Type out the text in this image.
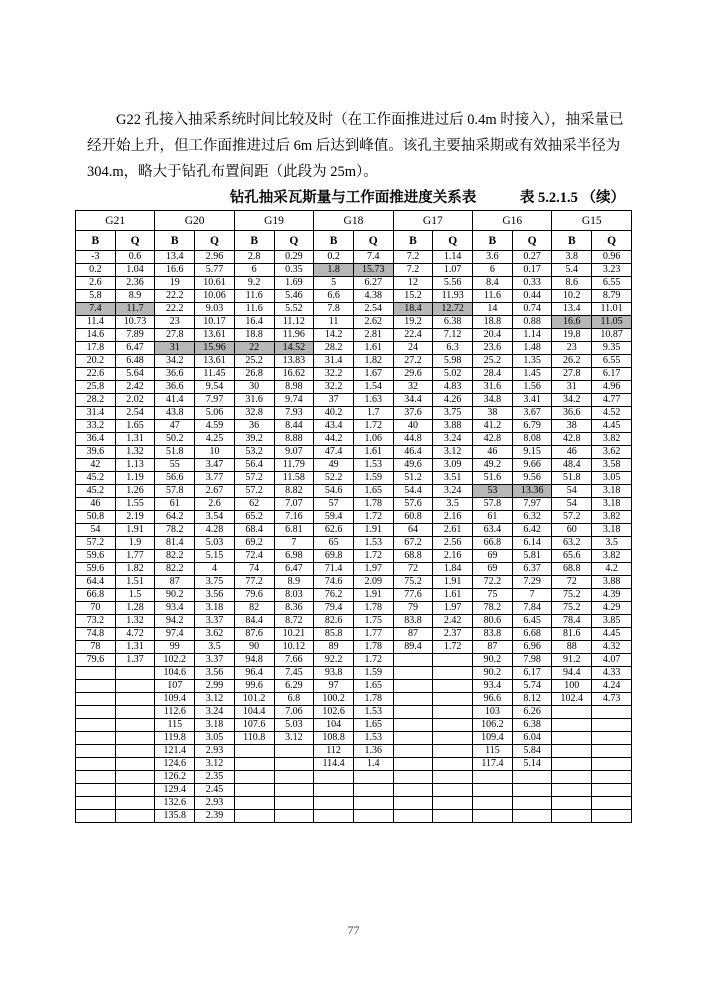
G22 孔接入抽采系统时间比较及时（在工作面推进过后 0.4m 时接入），抽采量已
经开始上升，但工作面推进过后 6m 后达到峰值。该孔主要抽采期或有效抽采半径为
304.m，略大于钻孔布置间距（此段为 25m）。
钻孔抽采瓦斯量与工作面推进度关系表	表 5.2.1.5 （续）
G21		G20		G19		G18		G17		G16		G15	
B	Q	B	Q	B	Q	B	Q	B	Q	B	Q	B	Q
-3	0.6	13.4	2.96	2.8	0.29	0.2	7.4	7.2	1.14	3.6	0.27	3.8	0.96
0.2	1.04	16.6	5.77	6	0.35	1.8	15.73	7.2	1.07	6	0.17	5.4	3.23
2.6	2.36	19	10.61	9.2	1.69	5	6.27	12	5.56	8.4	0.33	8.6	6.55
5.8	8.9	22.2	10.06	11.6	5.46	6.6	4.38	15.2	11.93	11.6	0.44	10.2	8.79
7.4	11.7	22.2	9.03	11.6	5.52	7.8	2.54	18.4	12.72	14	0.74	13.4	11.01
11.4	10.73	23	10.17	16.4	11.12	11	2.62	19.2	6.38	18.8	0.88	16.6	11.05
14.6	7.89	27.8	13.61	18.8	11.96	14.2	2.81	22.4	7.12	20.4	1.14	19.8	10.87
17.8	6.47	31	15.96	22	14.52	28.2	1.61	24	6.3	23.6	1.48	23	9.35
20.2	6.48	34.2	13.61	25.2	13.83	31.4	1.82	27.2	5.98	25.2	1.35	26.2	6.55
22.6	5.64	36.6	11.45	26.8	16.62	32.2	1.67	29.6	5.02	28.4	1.45	27.8	6.17
25.8	2.42	36.6	9.54	30	8.98	32.2	1.54	32	4.83	31.6	1.56	31	4.96
28.2	2.02	41.4	7.97	31.6	9.74	37	1.63	34.4	4.26	34.8	3.41	34.2	4.77
31.4	2.54	43.8	5.06	32.8	7.93	40.2	1.7	37.6	3.75	38	3.67	36.6	4.52
33.2	1.65	47	4.59	36	8.44	43.4	1.72	40	3.88	41.2	6.79	38	4.45
36.4	1.31	50.2	4.25	39.2	8.88	44.2	1.06	44.8	3.24	42.8	8.08	42.8	3.82
39.6	1.32	51.8	10	53.2	9.07	47.4	1.61	46.4	3.12	46	9.15	46	3.62
42	1.13	55	3.47	56.4	11.79	49	1.53	49.6	3.09	49.2	9.66	48.4	3.58
45.2	1.19	56.6	3.77	57.2	11.58	52.2	1.59	51.2	3.51	51.6	9.56	51.8	3.05
45.2	1.26	57.8	2.67	57.2	8.82	54.6	1.65	54.4	3.24	53	13.36	54	3.18
46	1.55	61	2.6	62	7.07	57	1.78	57.6	3.5	57.8	7.97	54	3.18
50.8	2.19	64.2	3.54	65.2	7.16	59.4	1.72	60.8	2.16	61	6.32	57.2	3.82
54	1.91	78.2	4.28	68.4	6.81	62.6	1.91	64	2.61	63.4	6.42	60	3.18
57.2	1.9	81.4	5.03	69.2	7	65	1.53	67.2	2.56	66.8	6.14	63.2	3.5
59.6	1.77	82.2	5.15	72.4	6.98	69.8	1.72	68.8	2.16	69	5.81	65.6	3.82
59.6	1.82	82.2	4	74	6.47	71.4	1.97	72	1.84	69	6.37	68.8	4.2
64.4	1.51	87	3.75	77.2	8.9	74.6	2.09	75.2	1.91	72.2	7.29	72	3.88
66.8	1.5	90.2	3.56	79.6	8.03	76.2	1.91	77.6	1.61	75	7	75.2	4.39
70	1.28	93.4	3.18	82	8.36	79.4	1.78	79	1.97	78.2	7.84	75.2	4.29
73.2	1.32	94.2	3.37	84.4	8.72	82.6	1.75	83.8	2.42	80.6	6.45	78.4	3.85
74.8	4.72	97.4	3.62	87.6	10.21	85.8	1.77	87	2.37	83.8	6.68	81.6	4.45
78	1.31	99	3.5	90	10.12	89	1.78	89.4	1.72	87	6.96	88	4.32
79.6	1.37	102.2	3.37	94.8	7.66	92.2	1.72			90.2	7.98	91.2	4.07
		104.6	3.56	96.4	7.45	93.8	1.59			90.2	6.17	94.4	4.33
		107	2.99	99.6	6.29	97	1.65			93.4	5.74	100	4.24
		109.4	3.12	101.2	6.8	100.2	1.78			96.6	8.12	102.4	4.73
		112.6	3.24	104.4	7.06	102.6	1.53			103	6.26		
		115	3.18	107.6	5.03	104	1.65			106.2	6.38		
		119.8	3.05	110.8	3.12	108.8	1.53			109.4	6.04		
		121.4	2.93			112	1.36			115	5.84		
		124.6	3.12			114.4	1.4			117.4	5.14		
		126.2	2.35										
		129.4	2.45										
		132.6	2.93										
		135.8	2.39										
77
